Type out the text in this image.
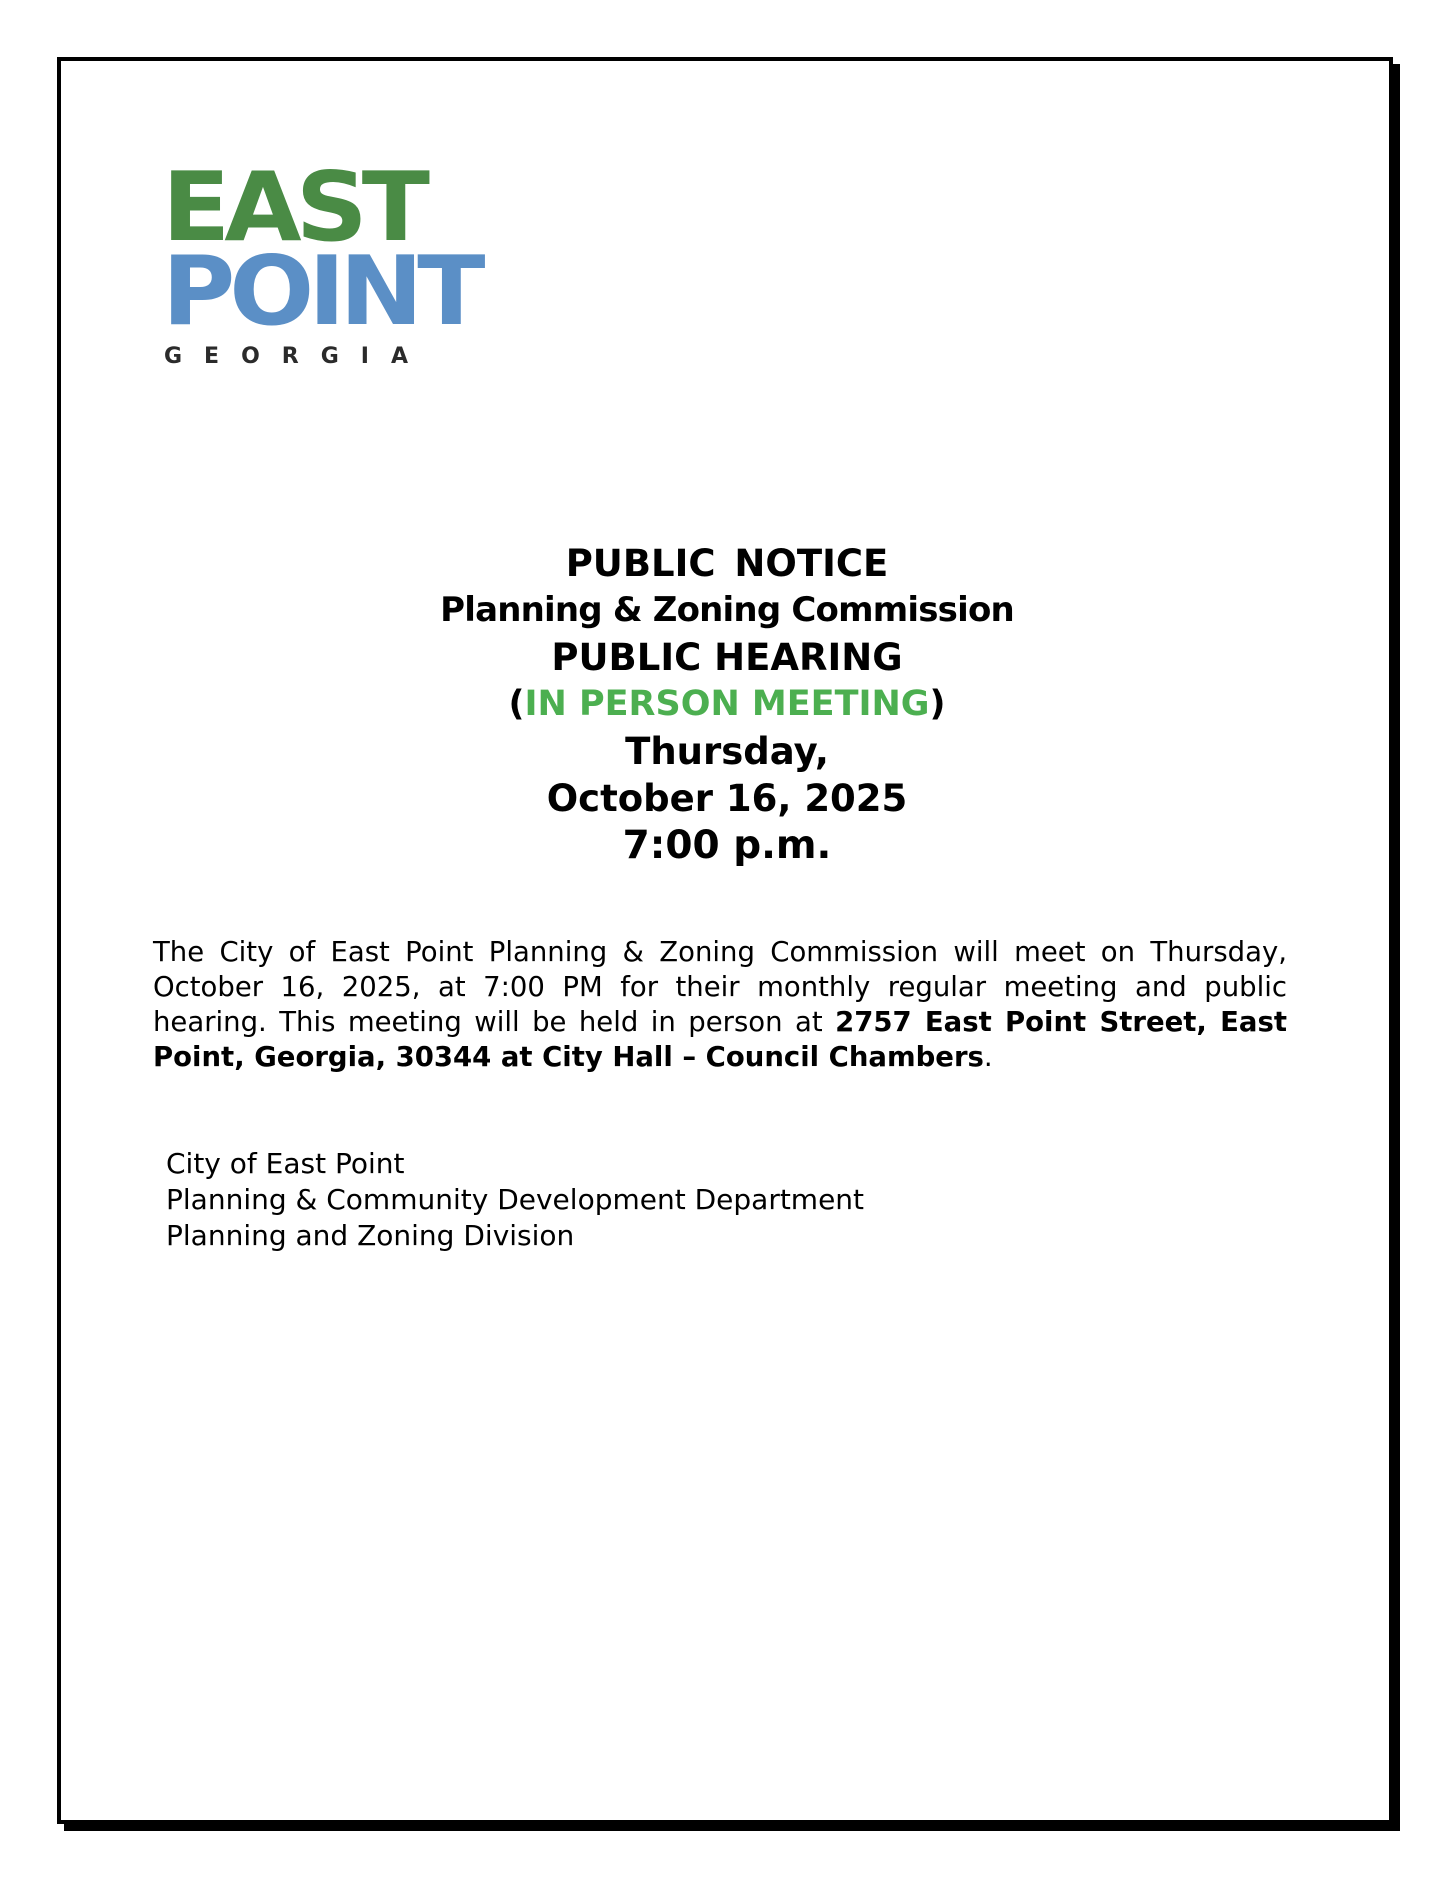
EAST
POINT
GEORGIA
PUBLIC NOTICE
Planning & Zoning Commission
PUBLIC HEARING
(IN PERSON MEETING)
Thursday,
October 16, 2025
7:00 p.m.
The City of East Point Planning & Zoning Commission will meet on Thursday, October 16, 2025, at 7:00 PM for their monthly regular meeting and public hearing. This meeting will be held in person at 2757 East Point Street, East Point, Georgia, 30344 at City Hall – Council Chambers.
City of East Point
Planning & Community Development Department
Planning and Zoning Division
